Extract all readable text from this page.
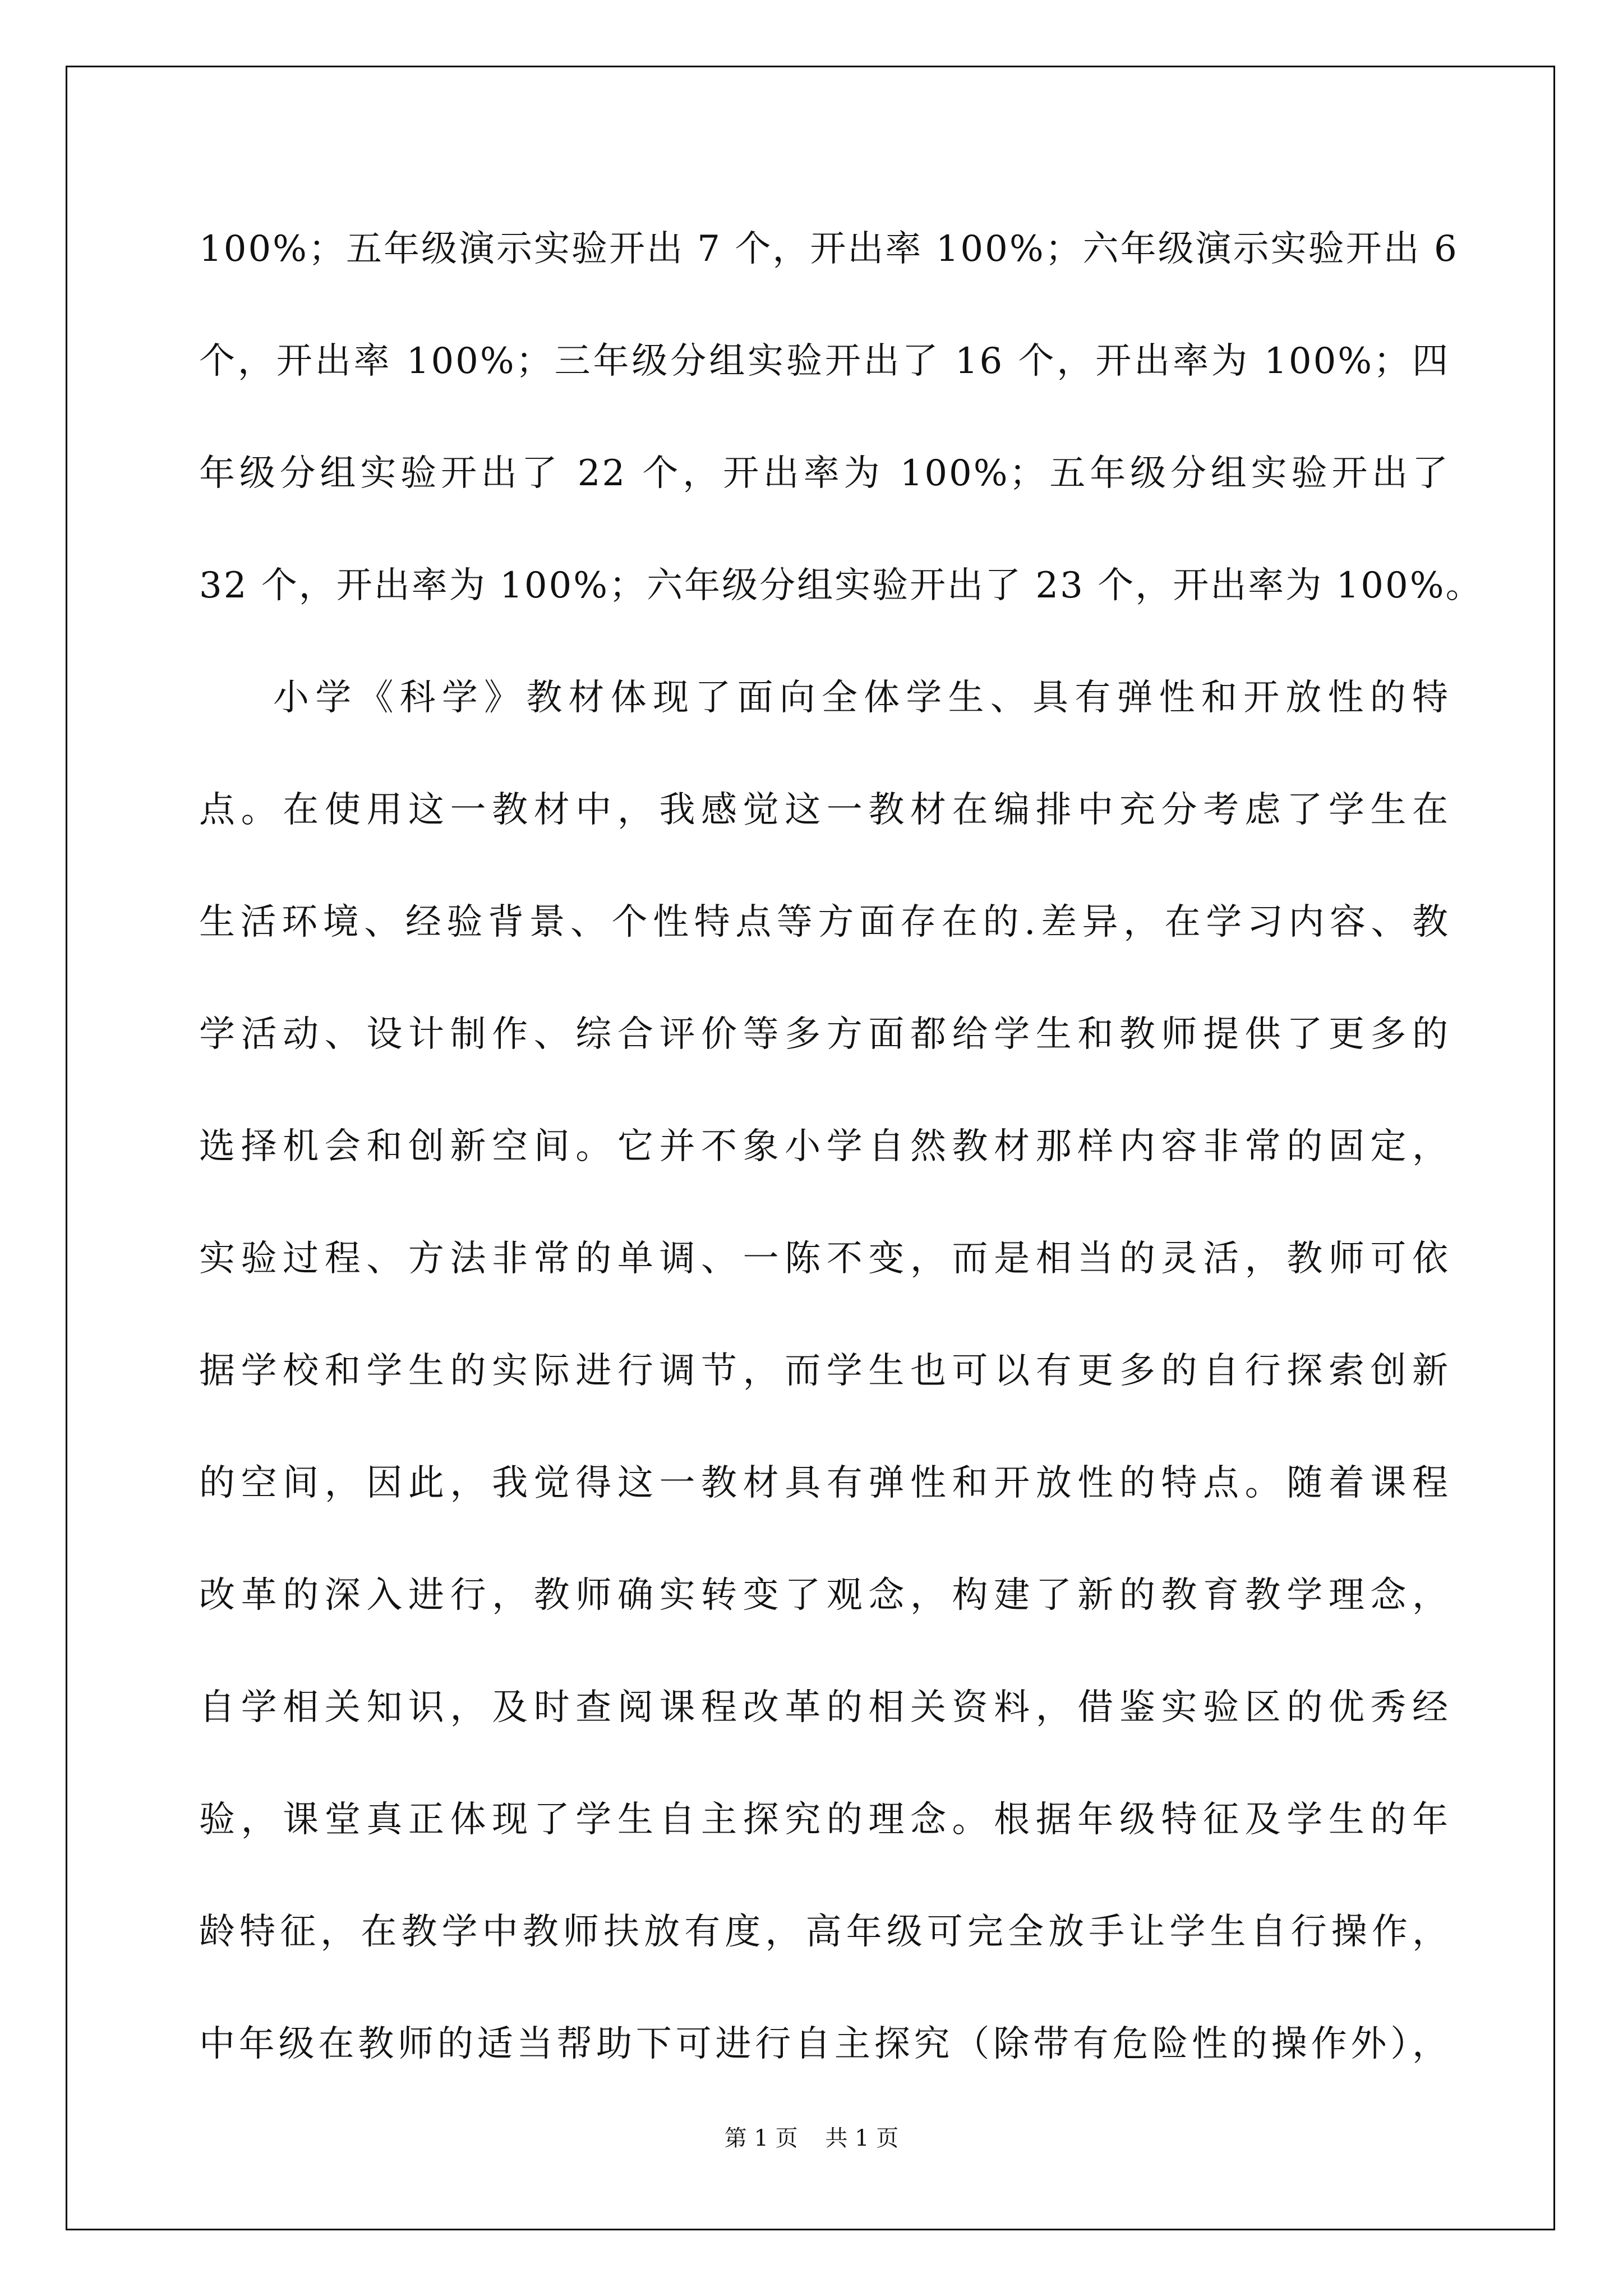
100%；五年级演示实验开出 7 个，开出率 100%；六年级演示实验开出 6
个，开出率 100%；三年级分组实验开出了 16 个，开出率为 100%；四
年级分组实验开出了 22 个，开出率为 100%；五年级分组实验开出了
32 个，开出率为 100%；六年级分组实验开出了 23 个，开出率为 100%。
小学《科学》教材体现了面向全体学生、具有弹性和开放性的特
点。在使用这一教材中，我感觉这一教材在编排中充分考虑了学生在
生活环境、经验背景、个性特点等方面存在的.差异，在学习内容、教
学活动、设计制作、综合评价等多方面都给学生和教师提供了更多的
选择机会和创新空间。它并不象小学自然教材那样内容非常的固定，
实验过程、方法非常的单调、一陈不变，而是相当的灵活，教师可依
据学校和学生的实际进行调节，而学生也可以有更多的自行探索创新
的空间，因此，我觉得这一教材具有弹性和开放性的特点。随着课程
改革的深入进行，教师确实转变了观念，构建了新的教育教学理念，
自学相关知识，及时查阅课程改革的相关资料，借鉴实验区的优秀经
验，课堂真正体现了学生自主探究的理念。根据年级特征及学生的年
龄特征，在教学中教师扶放有度，高年级可完全放手让学生自行操作，
中年级在教师的适当帮助下可进行自主探究（除带有危险性的操作外），
第 1 页 共 1 页
